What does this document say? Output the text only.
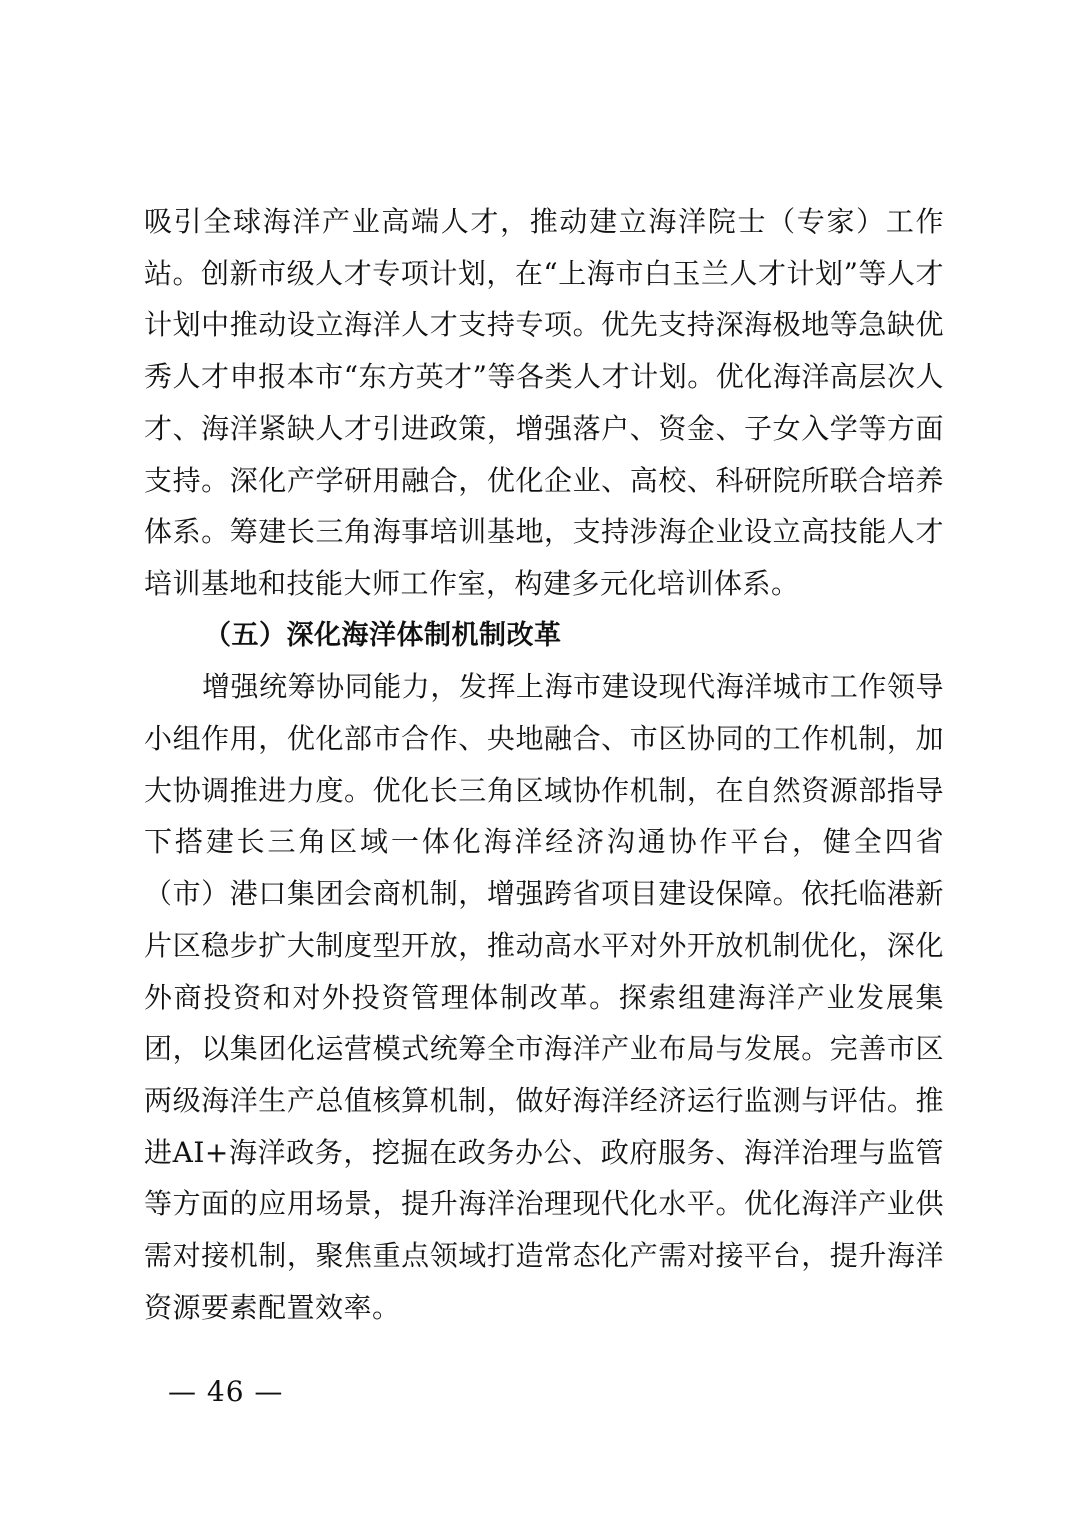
吸引全球海洋产业高端人才，推动建立海洋院士（专家）工作站。创新市级人才专项计划，在“上海市白玉兰人才计划”等人才计划中推动设立海洋人才支持专项。优先支持深海极地等急缺优秀人才申报本市“东方英才”等各类人才计划。优化海洋高层次人才、海洋紧缺人才引进政策，增强落户、资金、子女入学等方面支持。深化产学研用融合，优化企业、高校、科研院所联合培养体系。筹建长三角海事培训基地，支持涉海企业设立高技能人才培训基地和技能大师工作室，构建多元化培训体系。

（五）深化海洋体制机制改革

增强统筹协同能力，发挥上海市建设现代海洋城市工作领导小组作用，优化部市合作、央地融合、市区协同的工作机制，加大协调推进力度。优化长三角区域协作机制，在自然资源部指导下搭建长三角区域一体化海洋经济沟通协作平台，健全四省（市）港口集团会商机制，增强跨省项目建设保障。依托临港新片区稳步扩大制度型开放，推动高水平对外开放机制优化，深化外商投资和对外投资管理体制改革。探索组建海洋产业发展集团，以集团化运营模式统筹全市海洋产业布局与发展。完善市区两级海洋生产总值核算机制，做好海洋经济运行监测与评估。推进AI+海洋政务，挖掘在政务办公、政府服务、海洋治理与监管等方面的应用场景，提升海洋治理现代化水平。优化海洋产业供需对接机制，聚焦重点领域打造常态化产需对接平台，提升海洋资源要素配置效率。

— 46 —
